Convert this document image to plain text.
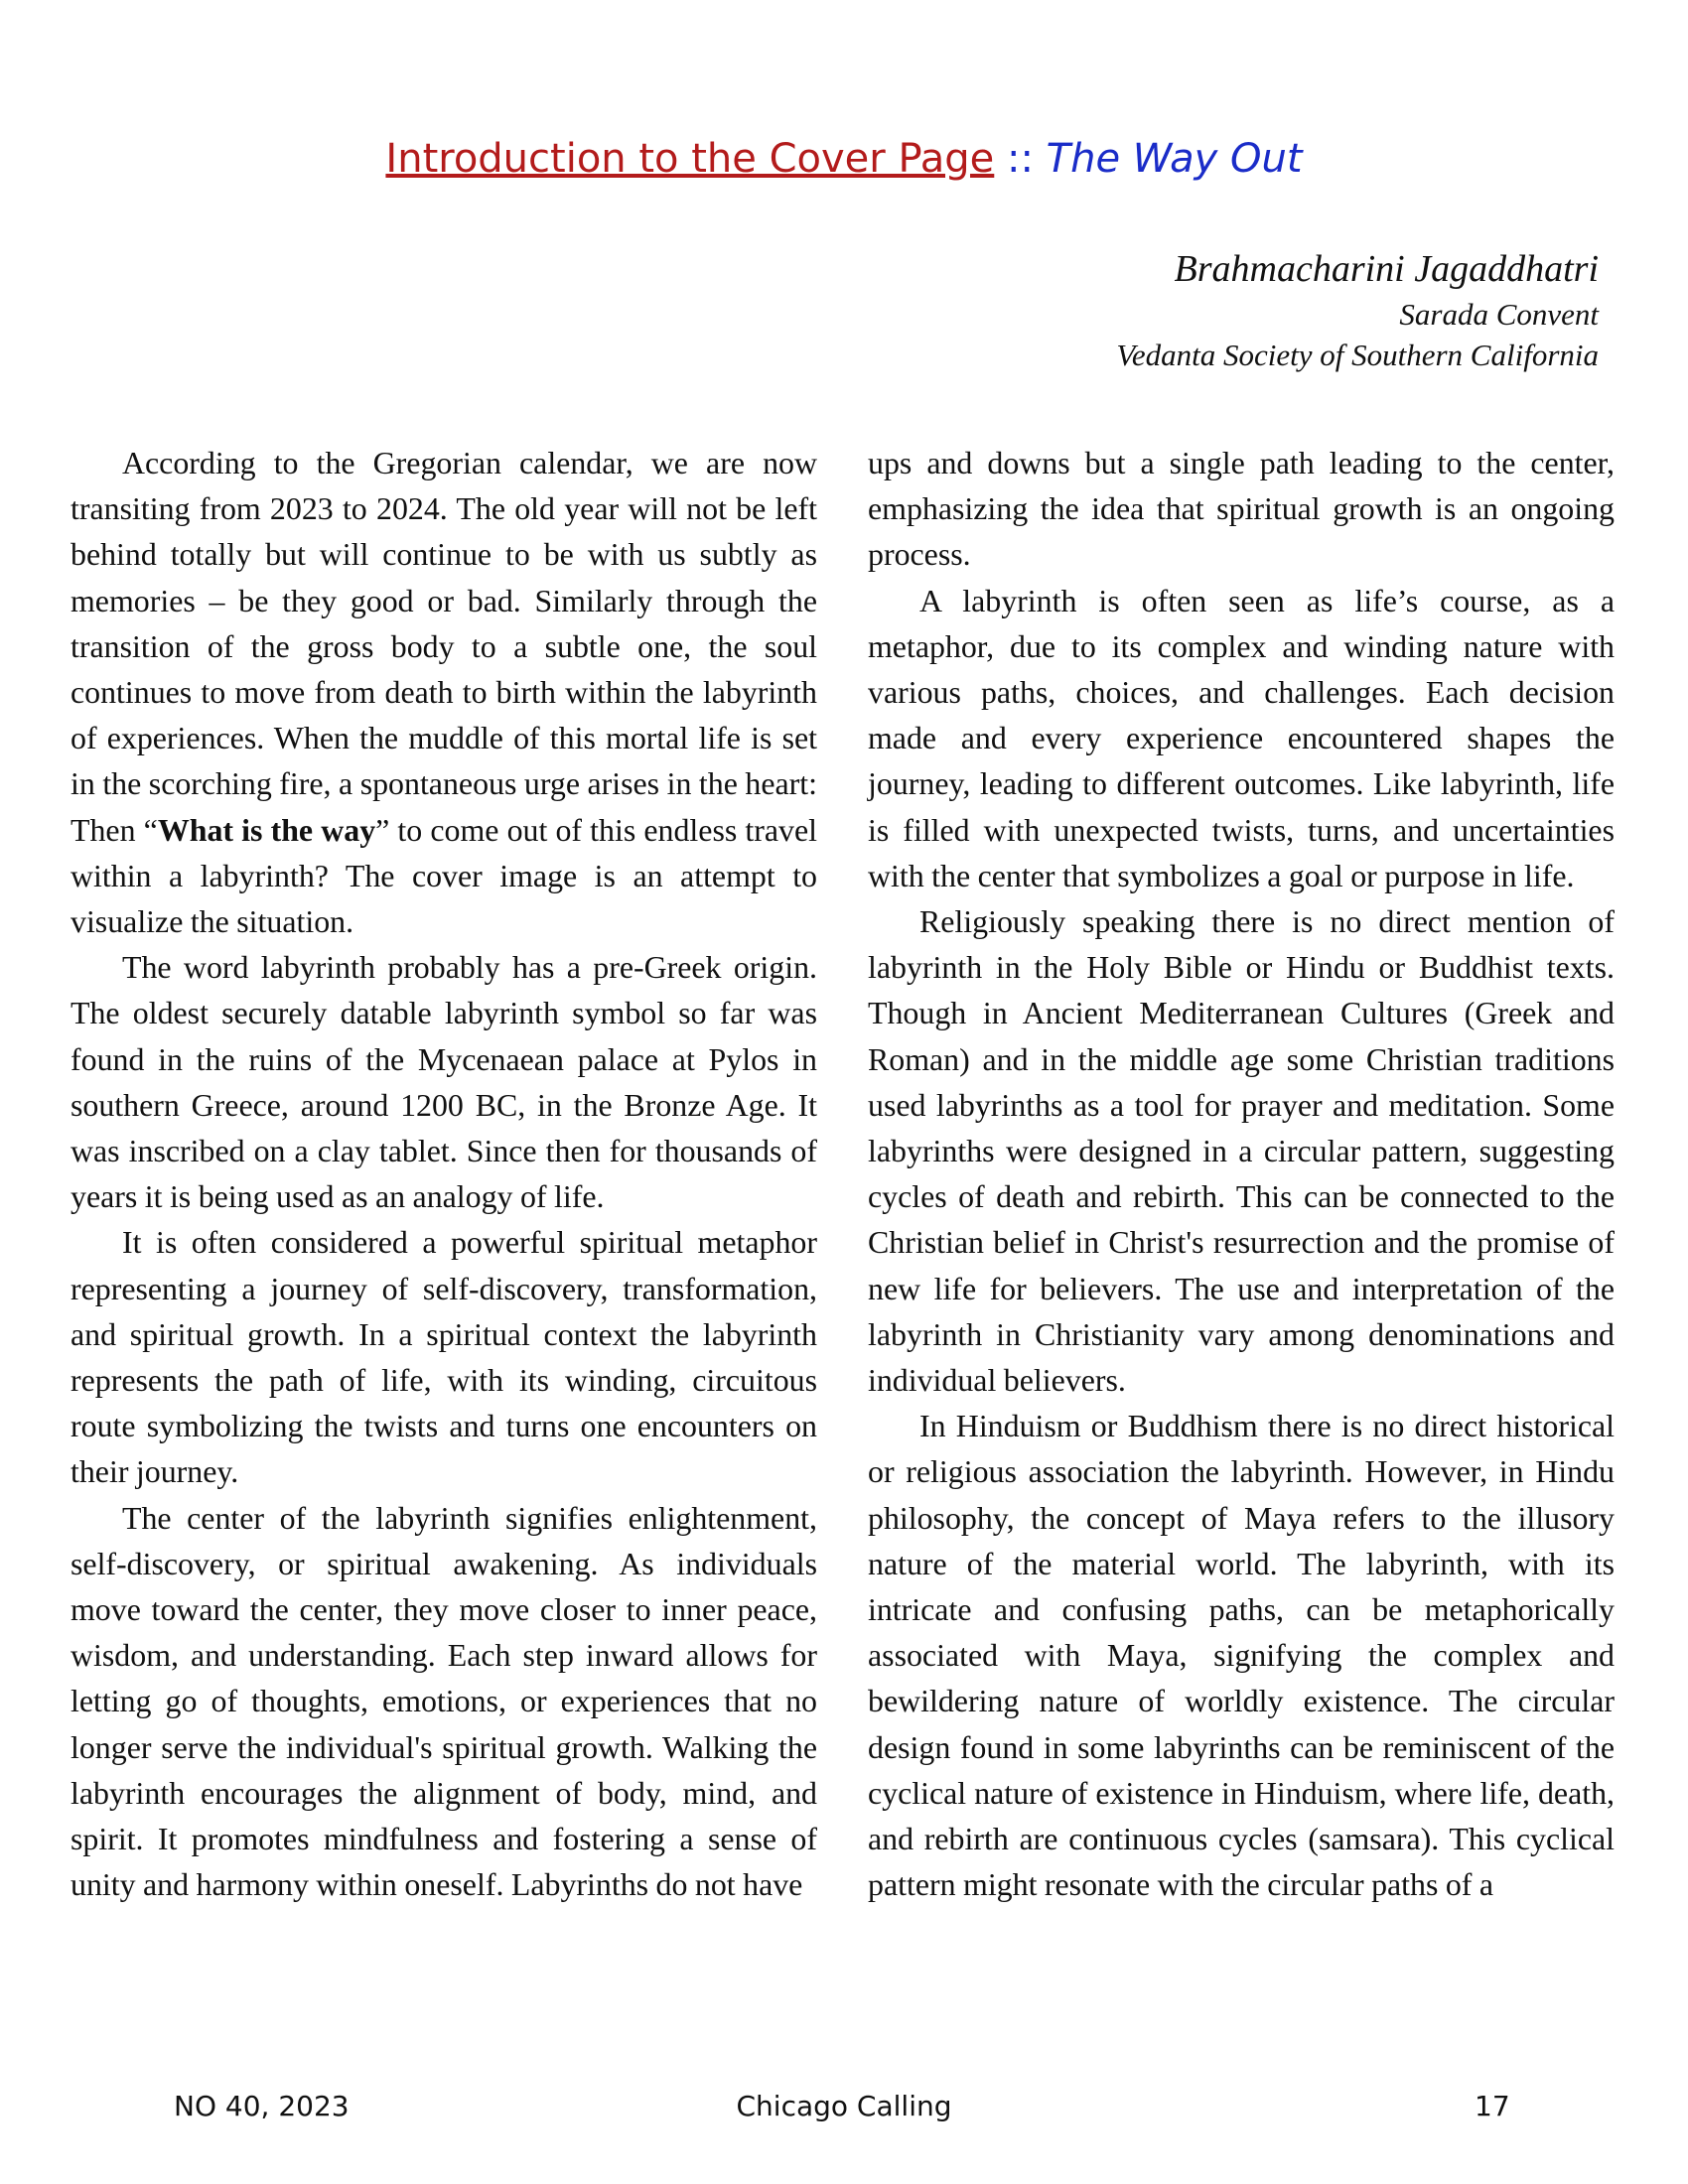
Introduction to the Cover Page :: The Way Out
Brahmacharini Jagaddhatri
Sarada Convent
Vedanta Society of Southern California

According to the Gregorian calendar, we are now transiting from 2023 to 2024. The old year will not be left behind totally but will continue to be with us subtly as memories – be they good or bad. Similarly through the transition of the gross body to a subtle one, the soul continues to move from death to birth within the labyrinth of experiences. When the muddle of this mortal life is set in the scorching fire, a spontaneous urge arises in the heart: Then “What is the way” to come out of this endless travel within a labyrinth? The cover image is an attempt to visualize the situation.

The word labyrinth probably has a pre-Greek origin. The oldest securely datable labyrinth symbol so far was found in the ruins of the Mycenaean palace at Pylos in southern Greece, around 1200 BC, in the Bronze Age. It was inscribed on a clay tablet. Since then for thousands of years it is being used as an analogy of life.

It is often considered a powerful spiritual metaphor representing a journey of self-discovery, transformation, and spiritual growth. In a spiritual context the labyrinth represents the path of life, with its winding, circuitous route symbolizing the twists and turns one encounters on their journey.

The center of the labyrinth signifies enlightenment, self-discovery, or spiritual awakening. As individuals move toward the center, they move closer to inner peace, wisdom, and understanding. Each step inward allows for letting go of thoughts, emotions, or experiences that no longer serve the individual's spiritual growth. Walking the labyrinth encourages the alignment of body, mind, and spirit. It promotes mindfulness and fostering a sense of unity and harmony within oneself. Labyrinths do not have

ups and downs but a single path leading to the center, emphasizing the idea that spiritual growth is an ongoing process.

A labyrinth is often seen as life’s course, as a metaphor, due to its complex and winding nature with various paths, choices, and challenges. Each decision made and every experience encountered shapes the journey, leading to different outcomes. Like labyrinth, life is filled with unexpected twists, turns, and uncertainties with the center that symbolizes a goal or purpose in life.

Religiously speaking there is no direct mention of labyrinth in the Holy Bible or Hindu or Buddhist texts. Though in Ancient Mediterranean Cultures (Greek and Roman) and in the middle age some Christian traditions used labyrinths as a tool for prayer and meditation. Some labyrinths were designed in a circular pattern, suggesting cycles of death and rebirth. This can be connected to the Christian belief in Christ's resurrection and the promise of new life for believers. The use and interpretation of the labyrinth in Christianity vary among denominations and individual believers.

In Hinduism or Buddhism there is no direct historical or religious association the labyrinth. However, in Hindu philosophy, the concept of Maya refers to the illusory nature of the material world. The labyrinth, with its intricate and confusing paths, can be metaphorically associated with Maya, signifying the complex and bewildering nature of worldly existence. The circular design found in some labyrinths can be reminiscent of the cyclical nature of existence in Hinduism, where life, death, and rebirth are continuous cycles (samsara). This cyclical pattern might resonate with the circular paths of a

NO 40, 2023	Chicago Calling	17
